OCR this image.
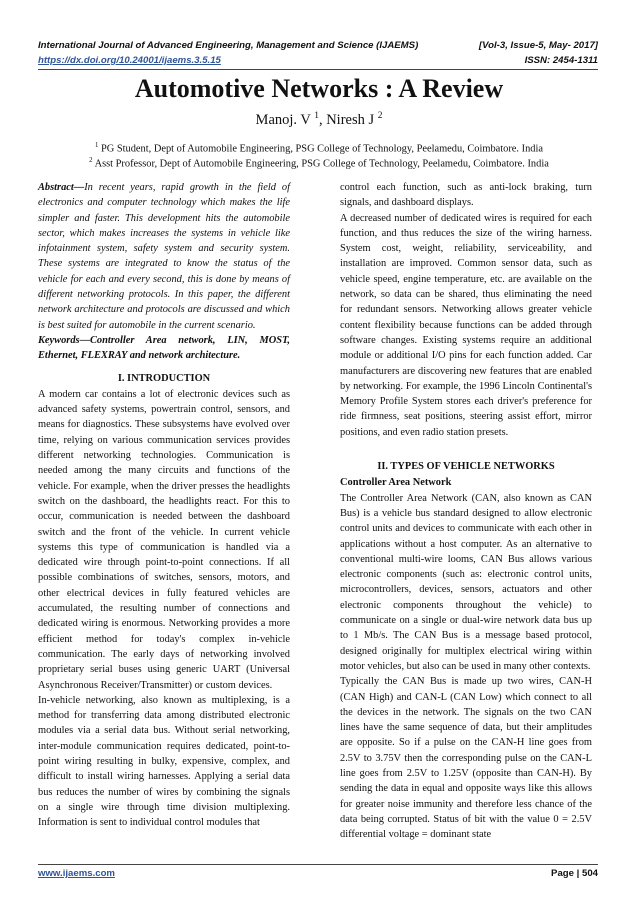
International Journal of Advanced Engineering, Management and Science (IJAEMS)	[Vol-3, Issue-5, May- 2017]
https://dx.doi.org/10.24001/ijaems.3.5.15	ISSN: 2454-1311
Automotive Networks : A Review
Manoj. V $^1$, Niresh J $^2$
$^1$ PG Student, Dept of Automobile Engineering, PSG College of Technology, Peelamedu, Coimbatore. India
$^2$ Asst Professor, Dept of Automobile Engineering, PSG College of Technology, Peelamedu, Coimbatore. India

Abstract—In recent years, rapid growth in the field of electronics and computer technology which makes the life simpler and faster. This development hits the automobile sector, which makes increases the systems in vehicle like infotainment system, safety system and security system. These systems are integrated to know the status of the vehicle for each and every second, this is done by means of different networking protocols. In this paper, the different network architecture and protocols are discussed and which is best suited for automobile in the current scenario.

Keywords—Controller Area network, LIN, MOST, Ethernet, FLEXRAY and network architecture.

I. INTRODUCTION

A modern car contains a lot of electronic devices such as advanced safety systems, powertrain control, sensors, and means for diagnostics. These subsystems have evolved over time, relying on various communication services provides different networking technologies. Communication is needed among the many circuits and functions of the vehicle. For example, when the driver presses the headlights switch on the dashboard, the headlights react. For this to occur, communication is needed between the dashboard switch and the front of the vehicle. In current vehicle systems this type of communication is handled via a dedicated wire through point-to-point connections. If all possible combinations of switches, sensors, motors, and other electrical devices in fully featured vehicles are accumulated, the resulting number of connections and dedicated wiring is enormous. Networking provides a more efficient method for today's complex in-vehicle communication. The early days of networking involved proprietary serial buses using generic UART (Universal Asynchronous Receiver/Transmitter) or custom devices.

In-vehicle networking, also known as multiplexing, is a method for transferring data among distributed electronic modules via a serial data bus. Without serial networking, inter-module communication requires dedicated, point-to-point wiring resulting in bulky, expensive, complex, and difficult to install wiring harnesses. Applying a serial data bus reduces the number of wires by combining the signals on a single wire through time division multiplexing. Information is sent to individual control modules that

control each function, such as anti-lock braking, turn signals, and dashboard displays.

A decreased number of dedicated wires is required for each function, and thus reduces the size of the wiring harness. System cost, weight, reliability, serviceability, and installation are improved. Common sensor data, such as vehicle speed, engine temperature, etc. are available on the network, so data can be shared, thus eliminating the need for redundant sensors. Networking allows greater vehicle content flexibility because functions can be added through software changes. Existing systems require an additional module or additional I/O pins for each function added. Car manufacturers are discovering new features that are enabled by networking. For example, the 1996 Lincoln Continental's Memory Profile System stores each driver's preference for ride firmness, seat positions, steering assist effort, mirror positions, and even radio station presets.

II. TYPES OF VEHICLE NETWORKS

Controller Area Network

The Controller Area Network (CAN, also known as CAN Bus) is a vehicle bus standard designed to allow electronic control units and devices to communicate with each other in applications without a host computer. As an alternative to conventional multi-wire looms, CAN Bus allows various electronic components (such as: electronic control units, microcontrollers, devices, sensors, actuators and other electronic components throughout the vehicle) to communicate on a single or dual-wire network data bus up to 1 Mb/s. The CAN Bus is a message based protocol, designed originally for multiplex electrical wiring within motor vehicles, but also can be used in many other contexts.

Typically the CAN Bus is made up two wires, CAN-H (CAN High) and CAN-L (CAN Low) which connect to all the devices in the network. The signals on the two CAN lines have the same sequence of data, but their amplitudes are opposite. So if a pulse on the CAN-H line goes from 2.5V to 3.75V then the corresponding pulse on the CAN-L line goes from 2.5V to 1.25V (opposite than CAN-H). By sending the data in equal and opposite ways like this allows for greater noise immunity and therefore less chance of the data being corrupted. Status of bit with the value 0 = 2.5V differential voltage = dominant state

www.ijaems.com	Page | 504
